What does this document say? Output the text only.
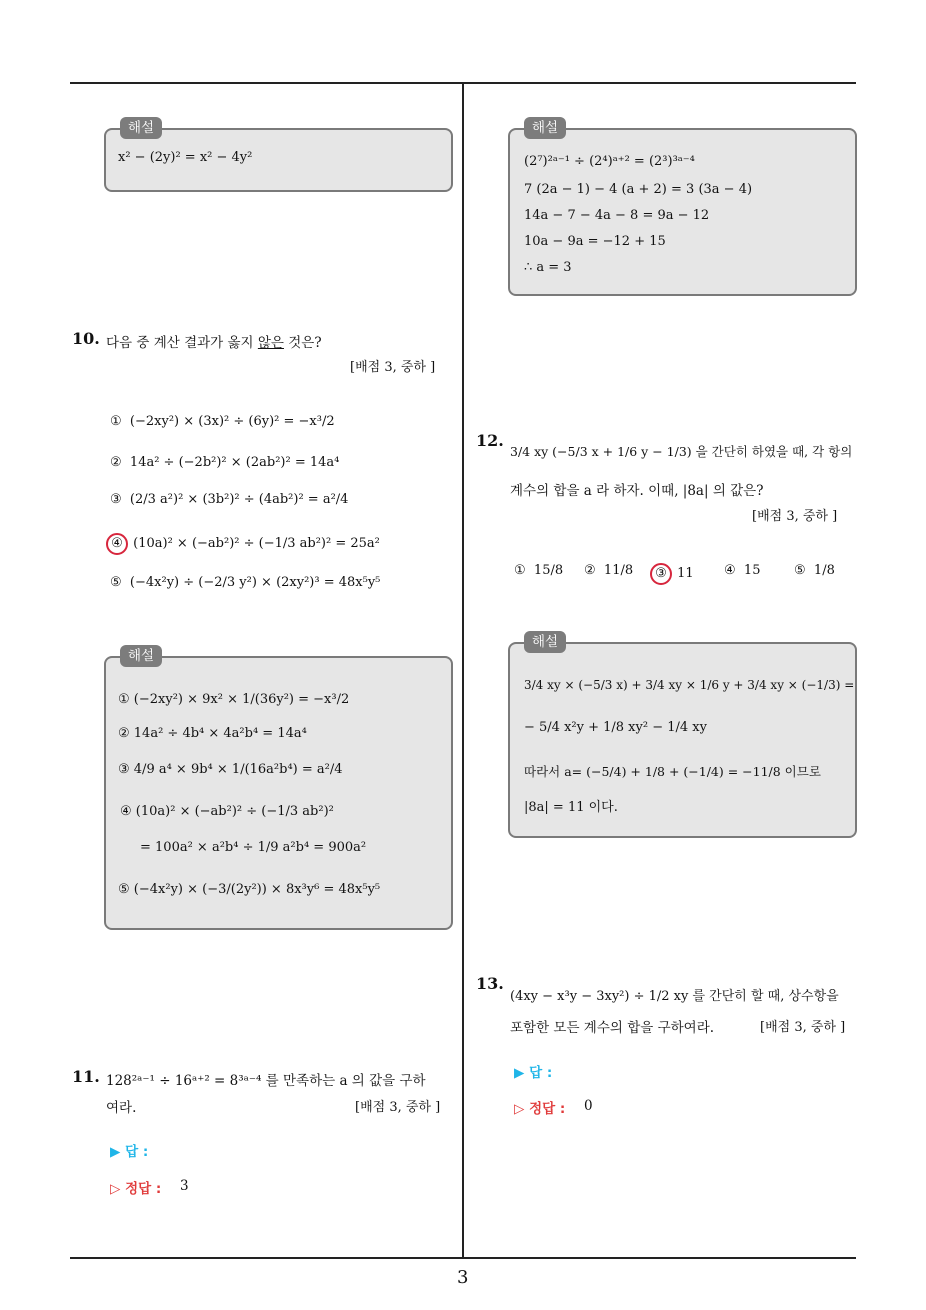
해설
x² − (2y)² = x² − 4y²
10. 다음 중 계산 결과가 옳지 않은 것은?
[배점 3, 중하 ]
① (−2xy²) × (3x)² ÷ (6y)² = −x³/2
② 14a² ÷ (−2b²)² × (2ab²)² = 14a⁴
③ (2/3 a²)² × (3b²)² ÷ (4ab²)² = a²/4
④ (10a)² × (−ab²)² ÷ (−1/3 ab²)² = 25a²
⑤ (−4x²y) ÷ (−2/3 y²) × (2xy²)³ = 48x⁵y⁵
해설
① (−2xy²) × 9x² × 1/(36y²) = −x³/2
② 14a² ÷ 4b⁴ × 4a²b⁴ = 14a⁴
③ 4/9 a⁴ × 9b⁴ × 1/(16a²b⁴) = a²/4
④ (10a)² × (−ab²)² ÷ (−1/3 ab²)²
= 100a² × a²b⁴ ÷ 1/9 a²b⁴ = 900a²
⑤ (−4x²y) × (−3/(2y²)) × 8x³y⁶ = 48x⁵y⁵
11. 128²ᵃ⁻¹ ÷ 16ᵃ⁺² = 8³ᵃ⁻⁴ 를 만족하는 a 의 값을 구하
여라.	[배점 3, 중하 ]
▶ 답 :
▷ 정답 : 3
해설
(2⁷)²ᵃ⁻¹ ÷ (2⁴)ᵃ⁺² = (2³)³ᵃ⁻⁴
7 (2a − 1) − 4 (a + 2) = 3 (3a − 4)
14a − 7 − 4a − 8 = 9a − 12
10a − 9a = −12 + 15
∴ a = 3
12.
3/4 xy (−5/3 x + 1/6 y − 1/3) 을 간단히 하였을 때, 각 항의
계수의 합을 a 라 하자. 이때, |8a| 의 값은?
[배점 3, 중하 ]
① 15/8 ② 11/8 ③ 11 ④ 15	⑤ 1/8
해설
3/4 xy × (−5/3 x) + 3/4 xy × 1/6 y + 3/4 xy × (−1/3) =
− 5/4 x²y + 1/8 xy² − 1/4 xy
따라서 a= (−5/4) + 1/8 + (−1/4) = −11/8 이므로
|8a| = 11 이다.
13.
(4xy − x³y − 3xy²) ÷ 1/2 xy 를 간단히 할 때, 상수항을
포함한 모든 계수의 합을 구하여라.	[배점 3, 중하 ]
▶ 답 :
▷ 정답 : 0
3
